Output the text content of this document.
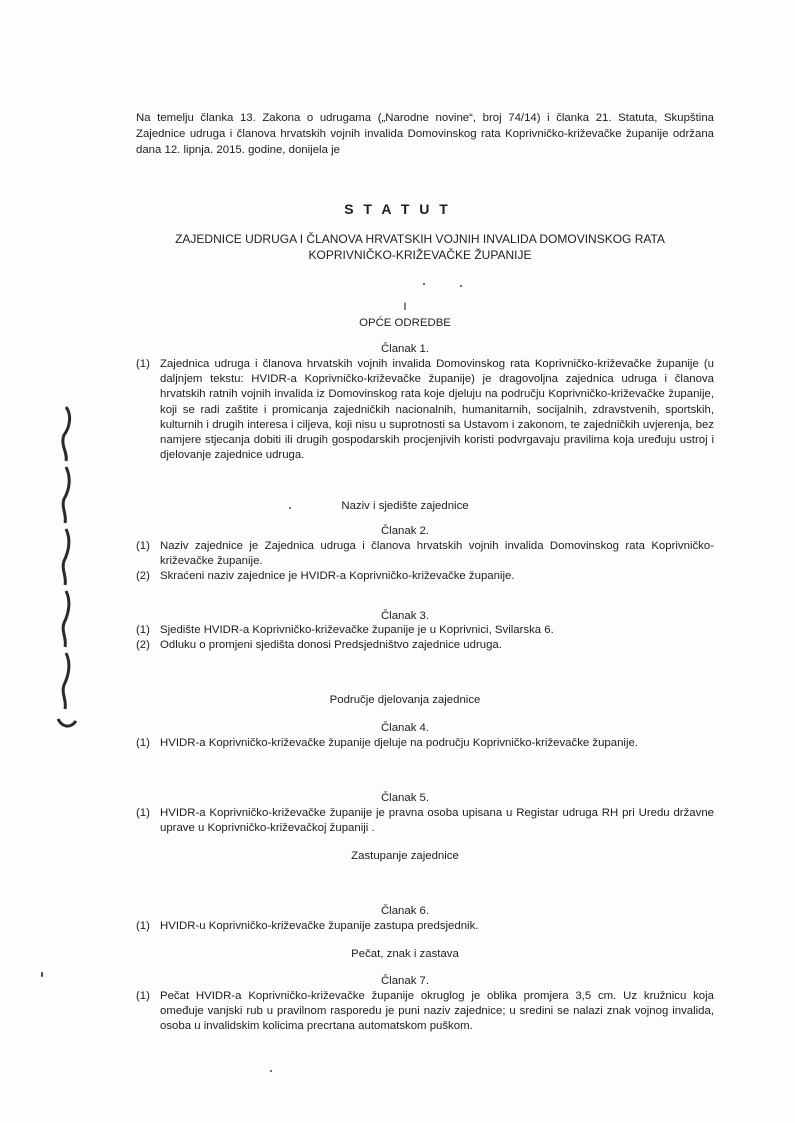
Na temelju članka 13. Zakona o udrugama („Narodne novine“, broj 74/14) i članka 21. Statuta, Skupština Zajednice udruga i članova hrvatskih vojnih invalida Domovinskog rata Koprivničko-križevačke županije održana dana 12. lipnja. 2015. godine, donijela je
S T A T U T
ZAJEDNICE UDRUGA I ČLANOVA HRVATSKIH VOJNIH INVALIDA DOMOVINSKOG RATA
KOPRIVNIČKO-KRIŽEVAČKE ŽUPANIJE
I
OPĆE ODREDBE
Članak 1.
(1) Zajednica udruga i članova hrvatskih vojnih invalida Domovinskog rata Koprivničko-križevačke županije (u daljnjem tekstu: HVIDR-a Koprivničko-križevačke županije) je dragovoljna zajednica udruga i članova hrvatskih ratnih vojnih invalida iz Domovinskog rata koje djeluju na području Koprivničko-križevačke županije, koji se radi zaštite i promicanja zajedničkih nacionalnih, humanitarnih, socijalnih, zdravstvenih, sportskih, kulturnih i drugih interesa i ciljeva, koji nisu u suprotnosti sa Ustavom i zakonom, te zajedničkih uvjerenja, bez namjere stjecanja dobiti ili drugih gospodarskih procjenjivih koristi podvrgavaju pravilima koja uređuju ustroj i djelovanje zajednice udruga.
Naziv i sjedište zajednice
Članak 2.
(1) Naziv zajednice je Zajednica udruga i članova hrvatskih vojnih invalida Domovinskog rata Koprivničko-križevačke županije.
(2) Skraćeni naziv zajednice je HVIDR-a Koprivničko-križevačke županije.
Članak 3.
(1) Sjedište HVIDR-a Koprivničko-križevačke županije je u Koprivnici, Svilarska 6.
(2) Odluku o promjeni sjedišta donosi Predsjedništvo zajednice udruga.
Područje djelovanja zajednice
Članak 4.
(1) HVIDR-a Koprivničko-križevačke županije djeluje na području Koprivničko-križevačke županije.
Članak 5.
(1) HVIDR-a Koprivničko-križevačke županije je pravna osoba upisana u Registar udruga RH pri Uredu državne uprave u Koprivničko-križevačkoj županiji .
Zastupanje zajednice
Članak 6.
(1) HVIDR-u Koprivničko-križevačke županije zastupa predsjednik.
Pečat, znak i zastava
Članak 7.
(1) Pečat HVIDR-a Koprivničko-križevačke županije okruglog je oblika promjera 3,5 cm. Uz kružnicu koja omeđuje vanjski rub u pravilnom rasporedu je puni naziv zajednice; u sredini se nalazi znak vojnog invalida, osoba u invalidskim kolicima precrtana automatskom puškom.
